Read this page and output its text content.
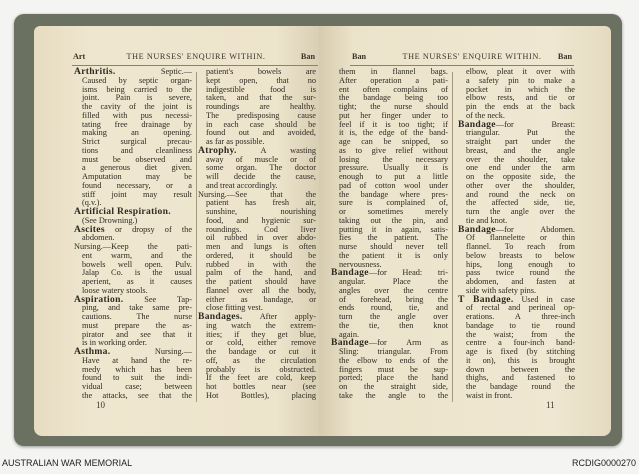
Art	THE NURSES' ENQUIRE WITHIN.	Ban	Ban	THE NURSES' ENQUIRE WITHIN.	Ban
Arthritis. Septic.—
Caused by septic organ-
isms being carried to the
joint. Pain is severe,
the cavity of the joint is
filled with pus necessi-
tating free drainage by
making an opening.
Strict surgical precau-
tions and cleanliness
must be observed and
a generous diet given.
Amputation may be
found necessary, or a
stiff joint may result
(q.v.).
Artificial Respiration.
(See Drowning.)
Ascites or dropsy of the
abdomen.
Nursing.—Keep the pati-
ent warm, and the
bowels well open. Pulv.
Jalap Co. is the usual
aperient, as it causes
loose watery stools.
Aspiration. See Tap-
ping, and take same pre-
cautions. The nurse
must prepare the as-
pirator and see that it
is in working order.
Asthma. Nursing.—
Have at hand the re-
medy which has been
found to suit the indi-
vidual case; between
the attacks, see that the
patient's bowels are
kept open, that no
indigestible food is
taken, and that the sur-
roundings are healthy.
The predisposing cause
in each case should be
found out and avoided,
as far as possible.
Atrophy. A wasting
away of muscle or of
some organ. The doctor
will decide the cause,
and treat accordingly.
Nursing.—See that the
patient has fresh air,
sunshine, nourishing
food, and hygienic sur-
roundings. Cod liver
oil rubbed in over abdo-
men and lungs is often
ordered, it should be
rubbed in with the
palm of the hand, and
the patient should have
flannel over all the body,
either as bandage, or
close fitting vest.
Bandages. After apply-
ing watch the extrem-
ities; if they get blue,
or cold, either remove
the bandage or cut it
off, as the circulation
probably is obstructed.
If the feet are cold, keep
hot bottles near (see
Hot Bottles), placing
them in flannel bags.
After operation a pati-
ent often complains of
the bandage being too
tight; the nurse should
put her finger under to
feel if it is too tight; if
it is, the edge of the band-
age can be snipped, so
as to give relief without
losing the necessary
pressure. Usually it is
enough to put a little
pad of cotton wool under
the bandage where pres-
sure is complained of,
or sometimes merely
taking out the pin, and
putting it in again, satis-
fies the patient. The
nurse should never tell
the patient it is only
nervousness.
Bandage—for Head: tri-
angular. Place the
angles over the centre
of forehead, bring the
ends round, tie, and
turn the angle over
the tie, then knot
again.
Bandage—for Arm as
Sling: triangular. From
the elbow to ends of the
fingers must be sup-
ported; place the hand
on the straight side,
take the angle to the
elbow, pleat it over with
a safety pin to make a
pocket in which the
elbow rests, and tie or
pin the ends at the back
of the neck.
Bandage—for Breast:
triangular. Put the
straight part under the
breast, and the angle
over the shoulder, take
one end under the arm
on the opposite side, the
other over the shoulder,
and round the neck on
the affected side, tie,
turn the angle over the
tie and knot.
Bandage—for Abdomen.
Of flannelette or thin
flannel. To reach from
below breasts to below
hips, long enough to
pass twice round the
abdomen, and fasten at
side with safety pins.
T Bandage. Used in case
of rectal and perineal op-
erations. A three-inch
bandage to tie round
the waist; from the
centre a four-inch band-
age is fixed (by stitching
it on), this is brought
down between the
thighs, and fastened to
the bandage round the
waist in front.
10	11
AUSTRALIAN WAR MEMORIAL	RCDIG0000270
